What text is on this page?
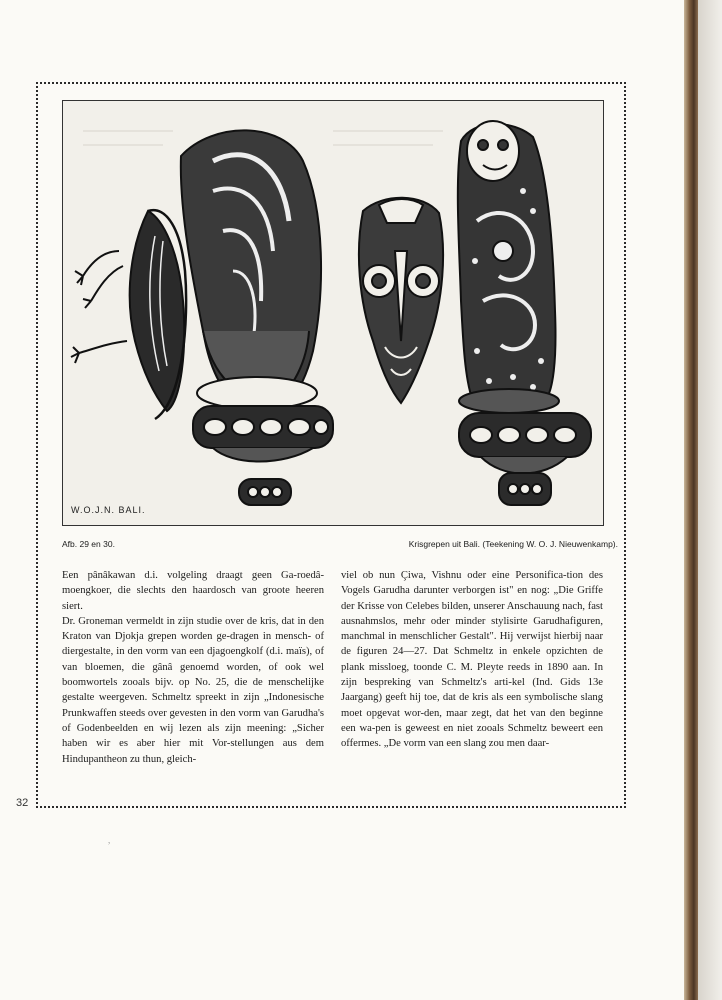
W.O.J.N. BALI.
Afb. 29 en 30.	Krisgrepen uit Bali. (Teekening W. O. J. Nieuwenkamp).

Een pânâkawan d.i. volgeling draagt geen Ga-roedâ-moengkoer, die slechts den haardosch van groote heeren siert.

Dr. Groneman vermeldt in zijn studie over de kris, dat in den Kraton van Djokja grepen worden ge-dragen in mensch- of diergestalte, in den vorm van een djagoengkolf (d.i. maïs), of van bloemen, die gânâ genoemd worden, of ook wel boomwortels zooals bijv. op No. 25, die de menschelijke gestalte weergeven. Schmeltz spreekt in zijn „Indonesische Prunkwaffen steeds over gevesten in den vorm van Garudha's of Godenbeelden en wij lezen als zijn meening: „Sicher haben wir es aber hier mit Vor-stellungen aus dem Hindupantheon zu thun, gleich-

viel ob nun Çiwa, Vishnu oder eine Personifica-tion des Vogels Garudha darunter verborgen ist" en nog: „Die Griffe der Krisse von Celebes bilden, unserer Anschauung nach, fast ausnahmslos, mehr oder minder stylisirte Garudhafiguren, manchmal in menschlicher Gestalt". Hij verwijst hierbij naar de figuren 24—27. Dat Schmeltz in enkele opzichten de plank missloeg, toonde C. M. Pleyte reeds in 1890 aan. In zijn bespreking van Schmeltz's arti-kel (Ind. Gids 13e Jaargang) geeft hij toe, dat de kris als een symbolische slang moet opgevat wor-den, maar zegt, dat het van den beginne een wa-pen is geweest en niet zooals Schmeltz beweert een offermes. „De vorm van een slang zou men daar-

32
,
